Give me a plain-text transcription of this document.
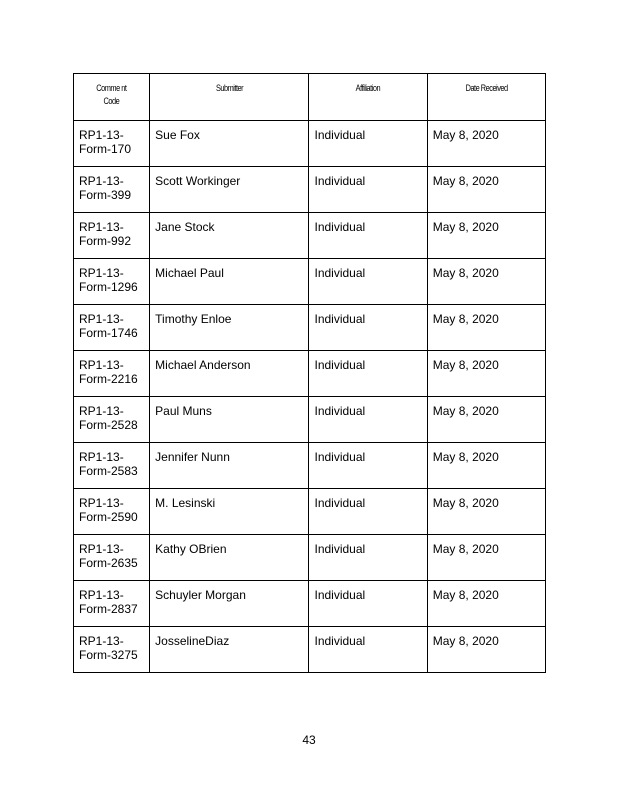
Comme nt
Code	Submitter	Affiliation	Date Received
RP1-13-
Form-170	Sue Fox	Individual	May 8, 2020
RP1-13-
Form-399	Scott Workinger	Individual	May 8, 2020
RP1-13-
Form-992	Jane Stock	Individual	May 8, 2020
RP1-13-
Form-1296	Michael Paul	Individual	May 8, 2020
RP1-13-
Form-1746	Timothy Enloe	Individual	May 8, 2020
RP1-13-
Form-2216	Michael Anderson	Individual	May 8, 2020
RP1-13-
Form-2528	Paul Muns	Individual	May 8, 2020
RP1-13-
Form-2583	Jennifer Nunn	Individual	May 8, 2020
RP1-13-
Form-2590	M. Lesinski	Individual	May 8, 2020
RP1-13-
Form-2635	Kathy OBrien	Individual	May 8, 2020
RP1-13-
Form-2837	Schuyler Morgan	Individual	May 8, 2020
RP1-13-
Form-3275	JosselineDiaz	Individual	May 8, 2020
43
